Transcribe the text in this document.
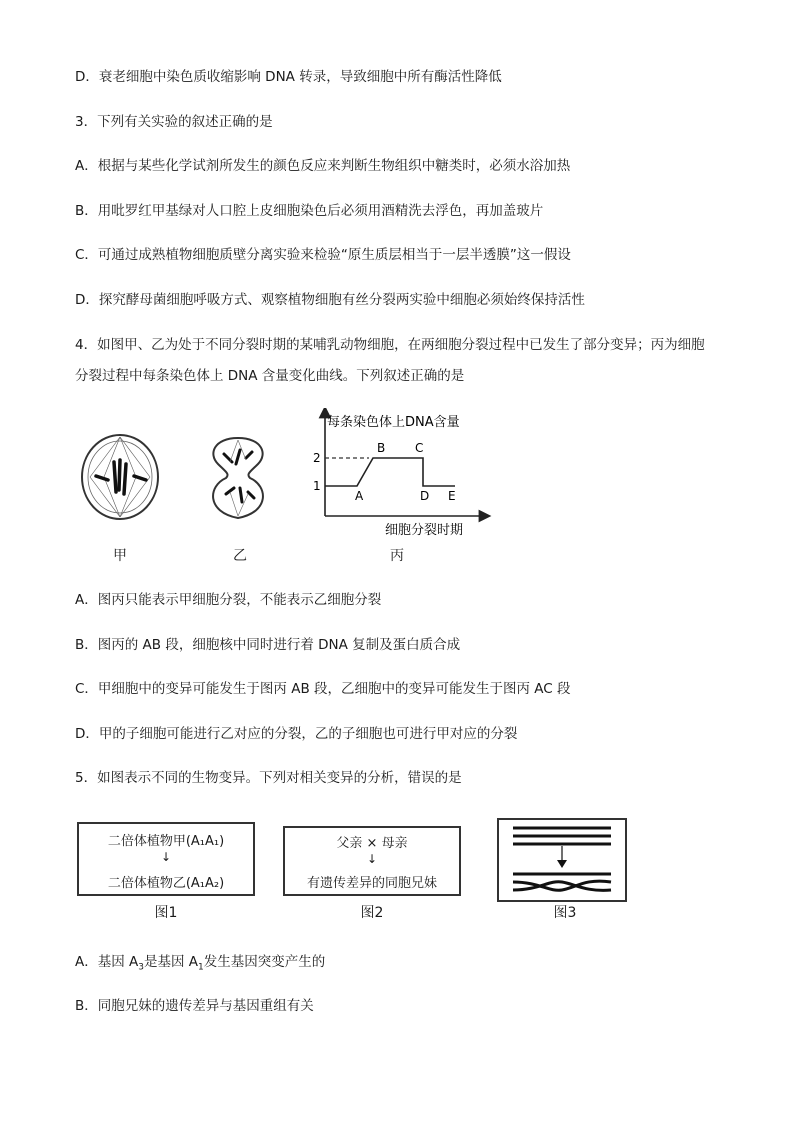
D．衰老细胞中染色质收缩影响 DNA 转录，导致细胞中所有酶活性降低
3．下列有关实验的叙述正确的是
A．根据与某些化学试剂所发生的颜色反应来判断生物组织中糖类时，必须水浴加热
B．用吡罗红甲基绿对人口腔上皮细胞染色后必须用酒精洗去浮色，再加盖玻片
C．可通过成熟植物细胞质壁分离实验来检验“原生质层相当于一层半透膜”这一假设
D．探究酵母菌细胞呼吸方式、观察植物细胞有丝分裂两实验中细胞必须始终保持活性
4．如图甲、乙为处于不同分裂时期的某哺乳动物细胞，在两细胞分裂过程中已发生了部分变异；丙为细胞
分裂过程中每条染色体上 DNA 含量变化曲线。下列叙述正确的是
甲	乙
每条染色体上DNA含量
2
1
A
B C
D E
细胞分裂时期
丙
A．图丙只能表示甲细胞分裂，不能表示乙细胞分裂
B．图丙的 AB 段，细胞核中同时进行着 DNA 复制及蛋白质合成
C．甲细胞中的变异可能发生于图丙 AB 段，乙细胞中的变异可能发生于图丙 AC 段
D．甲的子细胞可能进行乙对应的分裂，乙的子细胞也可进行甲对应的分裂
5．如图表示不同的生物变异。下列对相关变异的分析，错误的是
二倍体植物甲(A₁A₁)
↓
二倍体植物乙(A₁A₂)
图1
父亲 × 母亲
↓
有遗传差异的同胞兄妹
图2	图3
A．基因 $A_3$是基因 $A_1$发生基因突变产生的
B．同胞兄妹的遗传差异与基因重组有关
